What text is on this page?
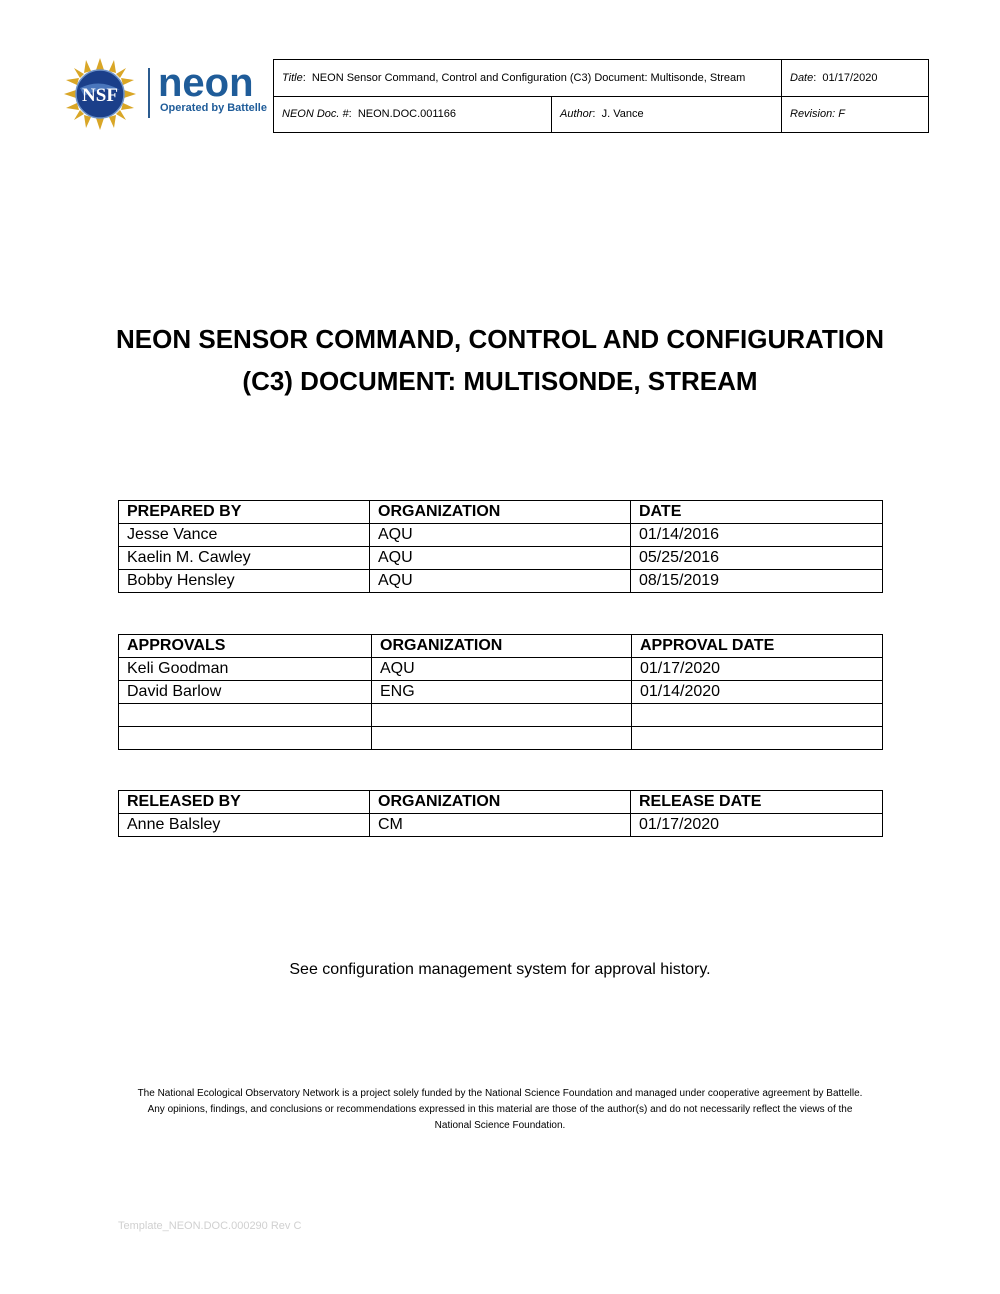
NSF neon
Operated by Battelle
Title:  NEON Sensor Command, Control and Configuration (C3) Document: Multisonde, Stream		Date:  01/17/2020
NEON Doc. #:  NEON.DOC.001166	Author:  J. Vance	Revision: F
NEON SENSOR COMMAND, CONTROL AND CONFIGURATION
(C3) DOCUMENT: MULTISONDE, STREAM
PREPARED BY	ORGANIZATION	DATE
Jesse Vance	AQU	01/14/2016
Kaelin M. Cawley	AQU	05/25/2016
Bobby Hensley	AQU	08/15/2019
APPROVALS	ORGANIZATION	APPROVAL DATE
Keli Goodman	AQU	01/17/2020
David Barlow	ENG	01/14/2020

RELEASED BY	ORGANIZATION	RELEASE DATE
Anne Balsley	CM	01/17/2020
See configuration management system for approval history.
The National Ecological Observatory Network is a project solely funded by the National Science Foundation and managed under cooperative agreement by Battelle.
Any opinions, findings, and conclusions or recommendations expressed in this material are those of the author(s) and do not necessarily reflect the views of the
National Science Foundation.
Template_NEON.DOC.000290 Rev C
